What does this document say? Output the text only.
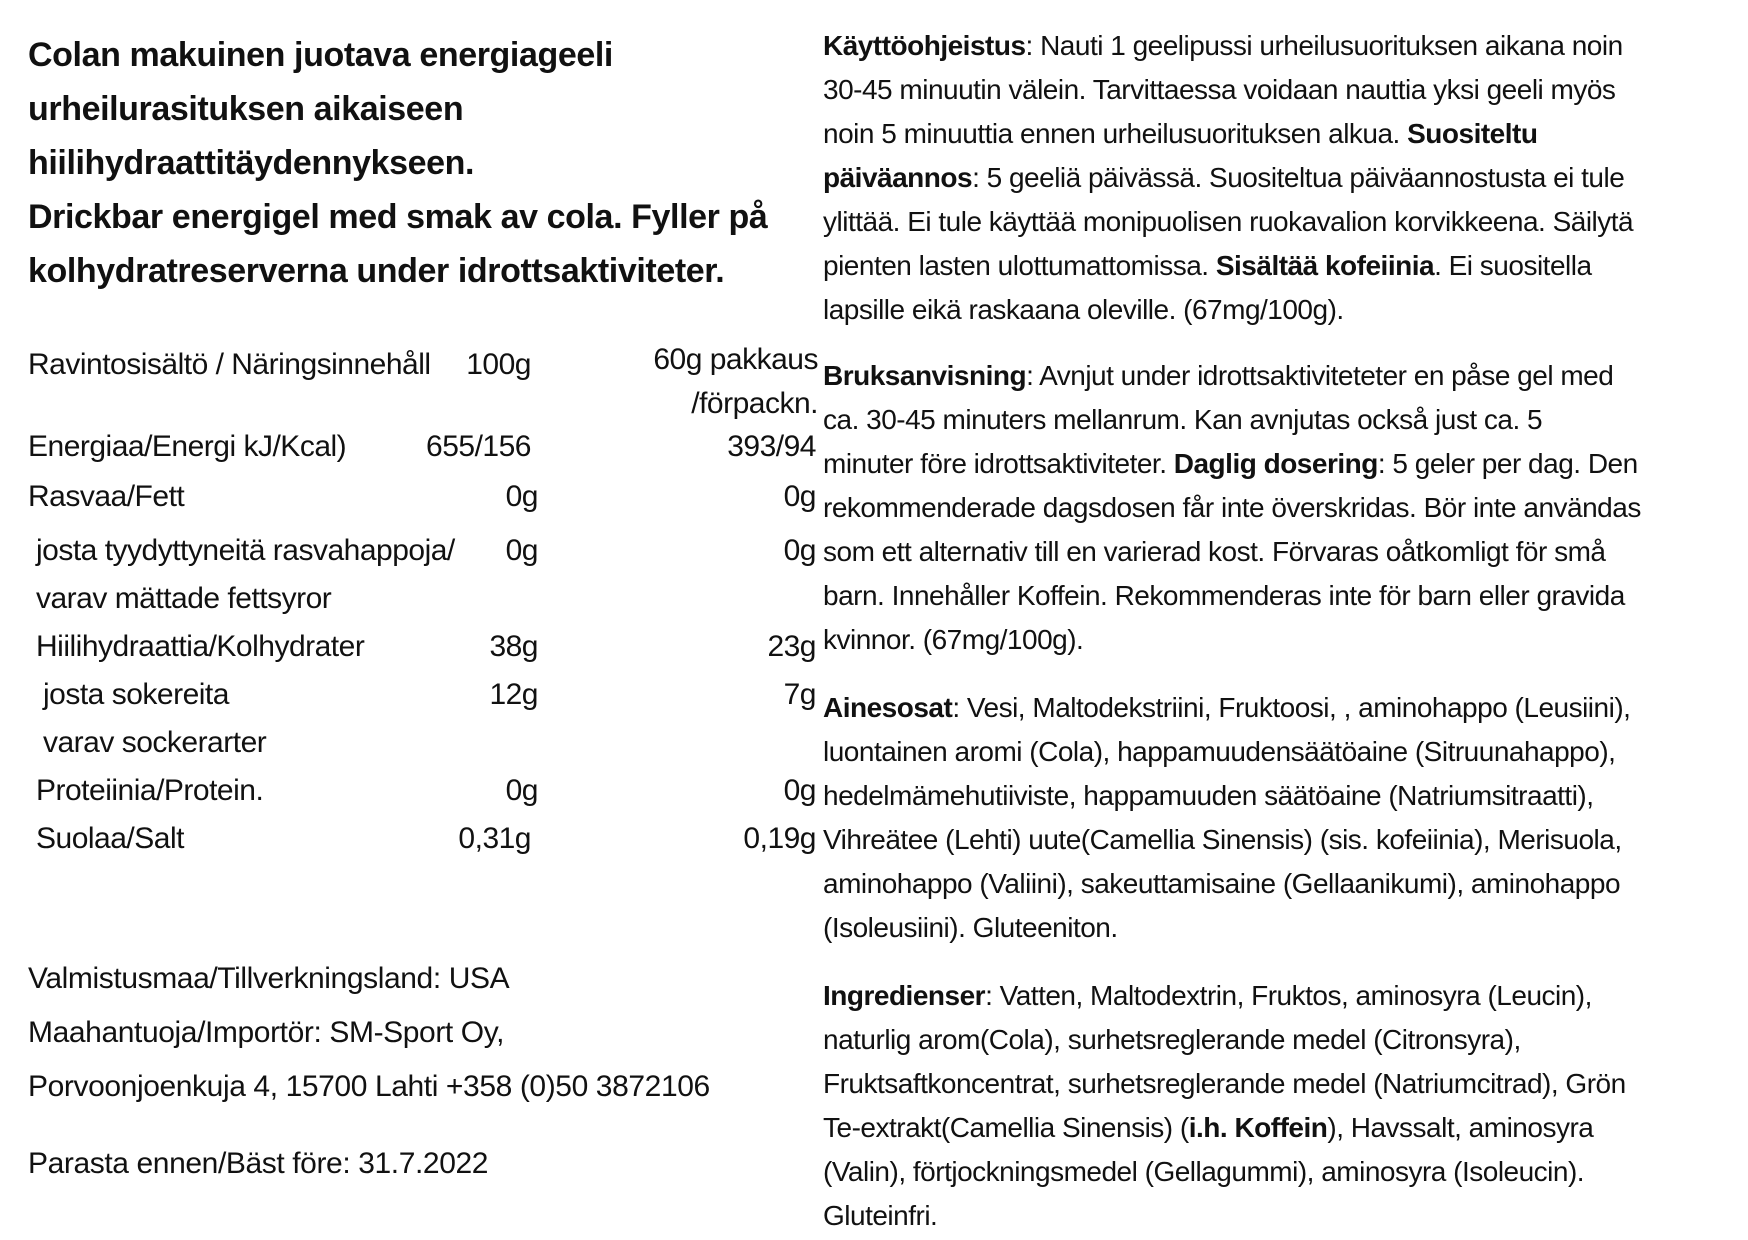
Colan makuinen juotava energiageeli
urheilurasituksen aikaiseen
hiilihydraattitäydennykseen.
Drickbar energigel med smak av cola. Fyller på
kolhydratreserverna under idrottsaktiviteter.

Ravintosisältö / Näringsinnehåll 100g	60g pakkaus
/förpackn.
Energiaa/Energi kJ/Kcal)	655/156	393/94
Rasvaa/Fett	0g	0g
josta tyydyttyneitä rasvahappoja/ 0g	0g
varav mättade fettsyror
Hiilihydraattia/Kolhydrater	38g	23g
josta sokereita	12g	7g
varav sockerarter
Proteiinia/Protein.	0g	0g
Suolaa/Salt	0,31g	0,19g
Valmistusmaa/Tillverkningsland: USA
Maahantuoja/Importör: SM-Sport Oy,
Porvoonjoenkuja 4, 15700 Lahti +358 (0)50 3872106
Parasta ennen/Bäst före: 31.7.2022
Käyttöohjeistus: Nauti 1 geelipussi urheilusuorituksen aikana noin
30-45 minuutin välein. Tarvittaessa voidaan nauttia yksi geeli myös
noin 5 minuuttia ennen urheilusuorituksen alkua. Suositeltu
päiväannos: 5 geeliä päivässä. Suositeltua päiväannostusta ei tule
ylittää. Ei tule käyttää monipuolisen ruokavalion korvikkeena. Säilytä
pienten lasten ulottumattomissa. Sisältää kofeiinia. Ei suositella
lapsille eikä raskaana oleville. (67mg/100g).
Bruksanvisning: Avnjut under idrottsaktivitetеter en påse gel med
ca. 30-45 minuters mellanrum. Kan avnjutas också just ca. 5
minuter före idrottsaktiviteter. Daglig dosering: 5 geler per dag. Den
rekommenderade dagsdosen får inte överskridas. Bör inte användas
som ett alternativ till en varierad kost. Förvaras oåtkomligt för små
barn. Innehåller Koffein. Rekommenderas inte för barn eller gravida
kvinnor. (67mg/100g).
Ainesosat: Vesi, Maltodekstriini, Fruktoosi, , aminohappo (Leusiini),
luontainen aromi (Cola), happamuudensäätöaine (Sitruunahappo),
hedelmämehutiiviste, happamuuden säätöaine (Natriumsitraatti),
Vihreätee (Lehti) uute(Camellia Sinensis) (sis. kofeiinia), Merisuola,
aminohappo (Valiini), sakeuttamisaine (Gellaanikumi), aminohappo
(Isoleusiini). Gluteeniton.
Ingredienser: Vatten, Maltodextrin, Fruktos, aminosyra (Leucin),
naturlig arom(Cola), surhetsreglerande medel (Citronsyra),
Fruktsaftkoncentrat, surhetsreglerande medel (Natriumcitrad), Grön
Te-extrakt(Camellia Sinensis) (i.h. Koffein), Havssalt, aminosyra
(Valin), förtjockningsmedel (Gellagummi), aminosyra (Isoleucin).
Gluteinfri.
